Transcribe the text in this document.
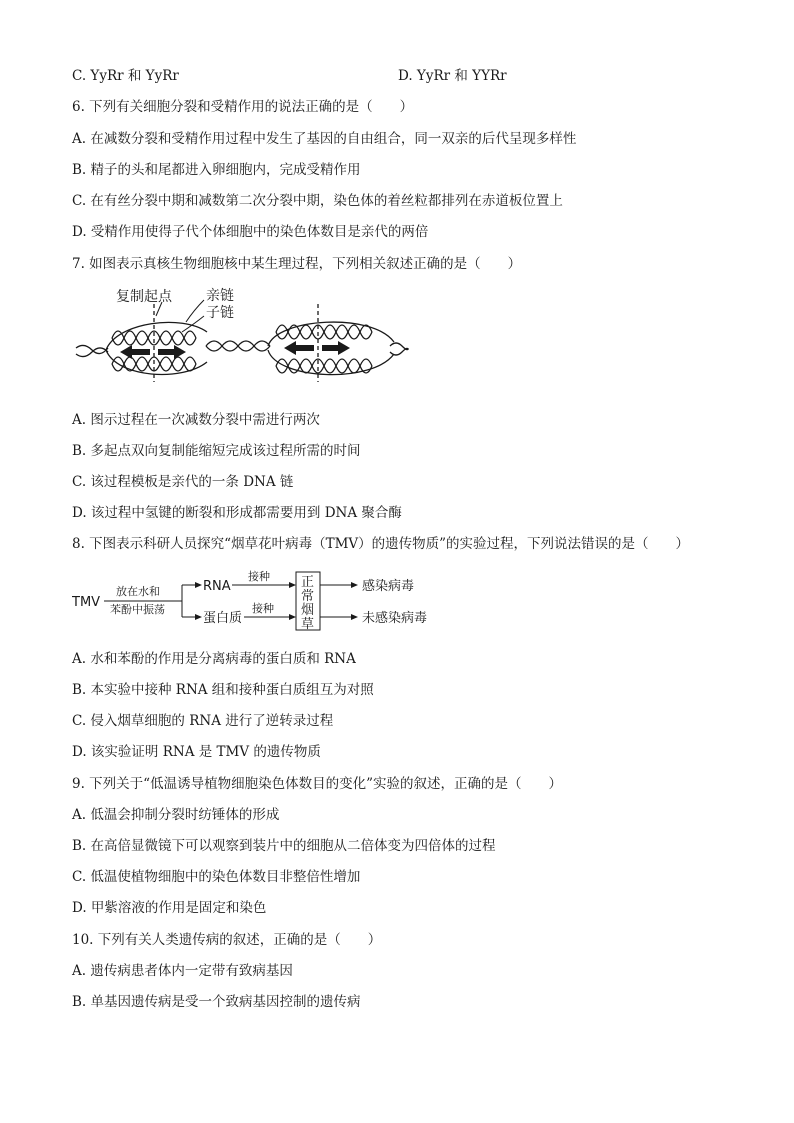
C. YyRr 和 YyRr	D. YyRr 和 YYRr
6. 下列有关细胞分裂和受精作用的说法正确的是（　　）
A. 在减数分裂和受精作用过程中发生了基因的自由组合，同一双亲的后代呈现多样性
B. 精子的头和尾都进入卵细胞内，完成受精作用
C. 在有丝分裂中期和减数第二次分裂中期，染色体的着丝粒都排列在赤道板位置上
D. 受精作用使得子代个体细胞中的染色体数目是亲代的两倍
7. 如图表示真核生物细胞核中某生理过程，下列相关叙述正确的是（　　）
复制起点 亲链
子链
A. 图示过程在一次减数分裂中需进行两次
B. 多起点双向复制能缩短完成该过程所需的时间
C. 该过程模板是亲代的一条 DNA 链
D. 该过程中氢键的断裂和形成都需要用到 DNA 聚合酶
8. 下图表示科研人员探究“烟草花叶病毒（TMV）的遗传物质”的实验过程，下列说法错误的是（　　）
TMV
放在水和
苯酚中振荡
RNA
蛋白质
接种
接种
正
常
烟
草
感染病毒
未感染病毒
A. 水和苯酚的作用是分离病毒的蛋白质和 RNA
B. 本实验中接种 RNA 组和接种蛋白质组互为对照
C. 侵入烟草细胞的 RNA 进行了逆转录过程
D. 该实验证明 RNA 是 TMV 的遗传物质
9. 下列关于“低温诱导植物细胞染色体数目的变化”实验的叙述，正确的是（　　）
A. 低温会抑制分裂时纺锤体的形成
B. 在高倍显微镜下可以观察到装片中的细胞从二倍体变为四倍体的过程
C. 低温使植物细胞中的染色体数目非整倍性增加
D. 甲紫溶液的作用是固定和染色
10. 下列有关人类遗传病的叙述，正确的是（　　）
A. 遗传病患者体内一定带有致病基因
B. 单基因遗传病是受一个致病基因控制的遗传病
